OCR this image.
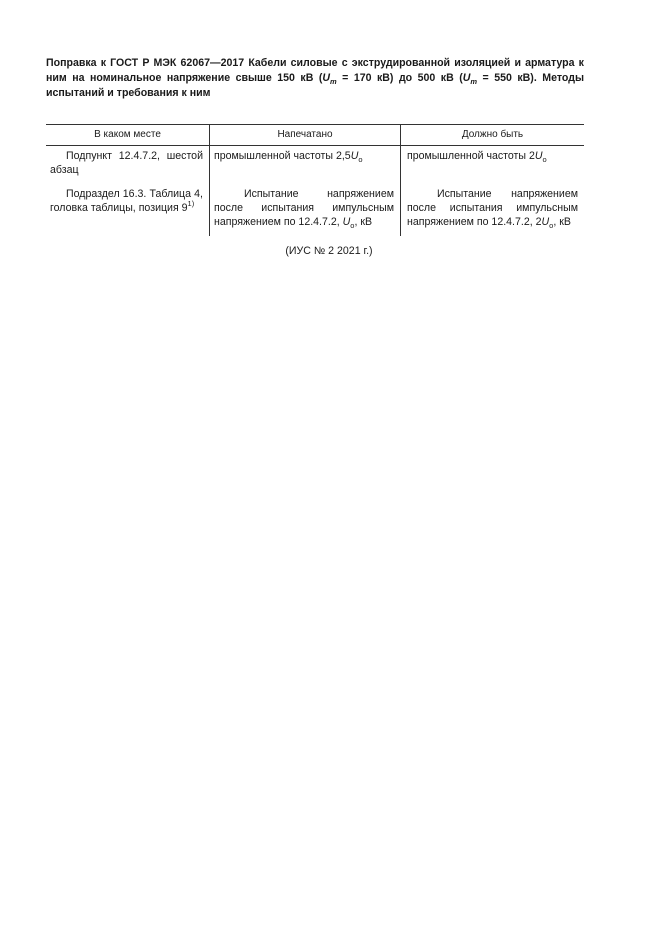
Поправка к ГОСТ Р МЭК 62067—2017 Кабели силовые с экструдированной изоляцией и арматура к ним на номинальное напряжение свыше 150 кВ ($U_m = 170$ кВ) до 500 кВ ($U_m = 550$ кВ). Методы испытаний и требования к ним

В каком месте	Напечатано	Должно быть
Подпункт 12.4.7.2, шестой абзац	промышленной частоты $2,5U_o$	промышленной частоты $2U_o$
Подраздел 16.3. Таблица 4, головка таблицы, позиция 9$^{1)}$	Испытание напряжением после испытания импульсным напряжением по 12.4.7.2, $U_o$, кВ	Испытание напряжением после испытания импульсным напряжением по 12.4.7.2, $2U_o$, кВ
(ИУС № 2 2021 г.)
